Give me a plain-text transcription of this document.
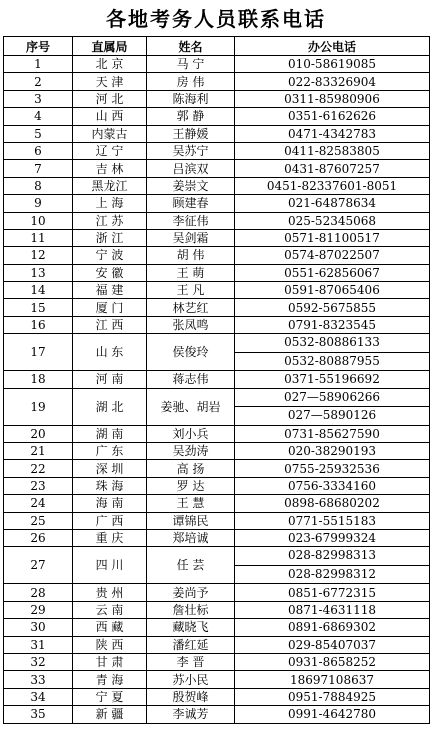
各地考务人员联系电话
序号	直属局	姓名	办公电话
1	北 京	马 宁	010-58619085
2	天 津	房 伟	022-83326904
3	河 北	陈海利	0311-85980906
4	山 西	郭 静	0351-6162626
5	内蒙古	王静媛	0471-4342783
6	辽 宁	吴苏宁	0411-82583805
7	吉 林	吕滨双	0431-87607257
8	黑龙江	姜崇文	0451-82337601-8051
9	上 海	顾建春	021-64878634
10	江 苏	李征伟	025-52345068
11	浙 江	吴剑霜	0571-81100517
12	宁 波	胡 伟	0574-87022507
13	安 徽	王 萌	0551-62856067
14	福 建	王 凡	0591-87065406
15	厦 门	林艺红	0592-5675855
16	江 西	张凤鸣	0791-8323545
17	山 东	侯俊玲	0532-80886133
0532-80887955

18	河 南	蒋志伟	0371-55196692
19	湖 北	姜驰、胡岩	027—58906266
027—5890126

20	湖 南	刘小兵	0731-85627590
21	广 东	吴劲涛	020-38290193
22	深 圳	高 扬	0755-25932536
23	珠 海	罗 达	0756-3334160
24	海 南	王 慧	0898-68680202
25	广 西	谭锦民	0771-5515183
26	重 庆	郑培诚	023-67999324
27	四 川	任 芸	028-82998313
028-82998312

28	贵 州	姜尚予	0851-6772315
29	云 南	詹壮标	0871-4631118
30	西 藏	藏晓飞	0891-6869302
31	陕 西	潘红延	029-85407037
32	甘 肃	李 晋	0931-8658252
33	青 海	苏小民	18697108637
34	宁 夏	殷贺峰	0951-7884925
35	新 疆	李诚芳	0991-4642780
